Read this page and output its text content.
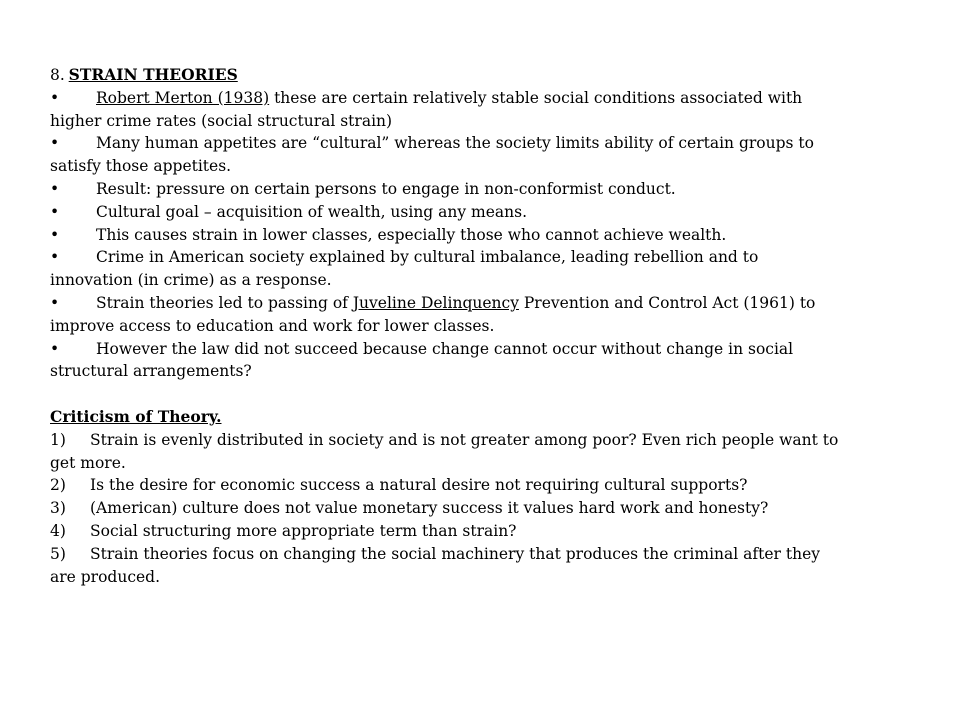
8. STRAIN THEORIES
• Robert Merton (1938) these are certain relatively stable social conditions associated with
higher crime rates (social structural strain)
• Many human appetites are “cultural” whereas the society limits ability of certain groups to
satisfy those appetites.
• Result: pressure on certain persons to engage in non-conformist conduct.
• Cultural goal – acquisition of wealth, using any means.
• This causes strain in lower classes, especially those who cannot achieve wealth.
• Crime in American society explained by cultural imbalance, leading rebellion and to
innovation (in crime) as a response.
• Strain theories led to passing of Juveline Delinquency Prevention and Control Act (1961) to
improve access to education and work for lower classes.
• However the law did not succeed because change cannot occur without change in social
structural arrangements?
Criticism of Theory.
1) Strain is evenly distributed in society and is not greater among poor? Even rich people want to
get more.
2) Is the desire for economic success a natural desire not requiring cultural supports?
3) (American) culture does not value monetary success it values hard work and honesty?
4) Social structuring more appropriate term than strain?
5) Strain theories focus on changing the social machinery that produces the criminal after they
are produced.
